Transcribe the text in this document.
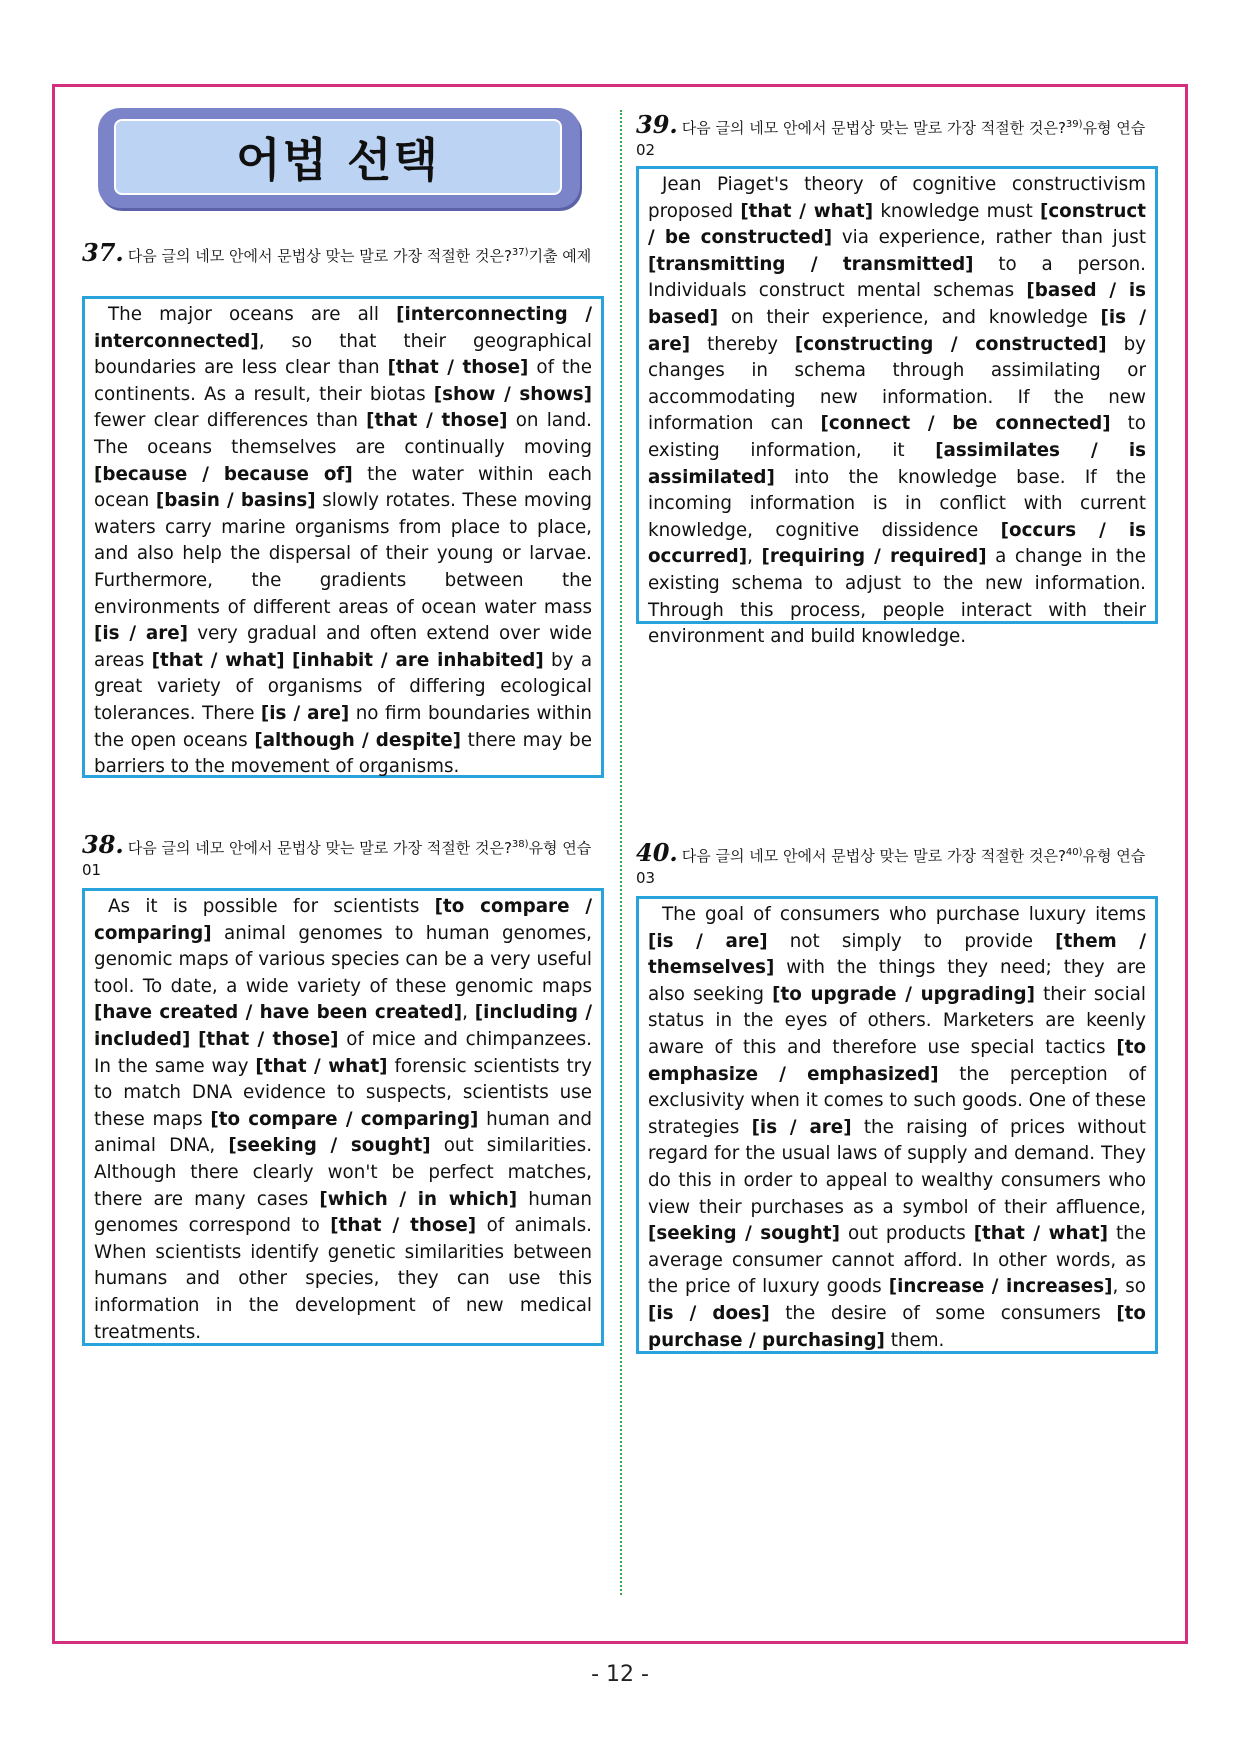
어법 선택
37. 다음 글의 네모 안에서 문법상 맞는 말로 가장 적절한 것은?$^{37)}$기출 예제
The major oceans are all [interconnecting / interconnected], so that their geographical boundaries are less clear than [that / those] of the continents. As a result, their biotas [show / shows] fewer clear differences than [that / those] on land. The oceans themselves are continually moving [because / because of] the water within each ocean [basin / basins] slowly rotates. These moving waters carry marine organisms from place to place, and also help the dispersal of their young or larvae. Furthermore, the gradients between the environments of different areas of ocean water mass [is / are] very gradual and often extend over wide areas [that / what] [inhabit / are inhabited] by a great variety of organisms of differing ecological tolerances. There [is / are] no firm boundaries within the open oceans [although / despite] there may be barriers to the movement of organisms.
38. 다음 글의 네모 안에서 문법상 맞는 말로 가장 적절한 것은?$^{38)}$유형 연습 01
As it is possible for scientists [to compare / comparing] animal genomes to human genomes, genomic maps of various species can be a very useful tool. To date, a wide variety of these genomic maps [have created / have been created], [including / included] [that / those] of mice and chimpanzees. In the same way [that / what] forensic scientists try to match DNA evidence to suspects, scientists use these maps [to compare / comparing] human and animal DNA, [seeking / sought] out similarities. Although there clearly won't be perfect matches, there are many cases [which / in which] human genomes correspond to [that / those] of animals. When scientists identify genetic similarities between humans and other species, they can use this information in the development of new medical treatments.
39. 다음 글의 네모 안에서 문법상 맞는 말로 가장 적절한 것은?$^{39)}$유형 연습 02
Jean Piaget's theory of cognitive constructivism proposed [that / what] knowledge must [construct / be constructed] via experience, rather than just [transmitting / transmitted] to a person. Individuals construct mental schemas [based / is based] on their experience, and knowledge [is / are] thereby [constructing / constructed] by changes in schema through assimilating or accommodating new information. If the new information can [connect / be connected] to existing information, it [assimilates / is assimilated] into the knowledge base. If the incoming information is in conflict with current knowledge, cognitive dissidence [occurs / is occurred], [requiring / required] a change in the existing schema to adjust to the new information. Through this process, people interact with their environment and build knowledge.
40. 다음 글의 네모 안에서 문법상 맞는 말로 가장 적절한 것은?$^{40)}$유형 연습 03
The goal of consumers who purchase luxury items [is / are] not simply to provide [them / themselves] with the things they need; they are also seeking [to upgrade / upgrading] their social status in the eyes of others. Marketers are keenly aware of this and therefore use special tactics [to emphasize / emphasized] the perception of exclusivity when it comes to such goods. One of these strategies [is / are] the raising of prices without regard for the usual laws of supply and demand. They do this in order to appeal to wealthy consumers who view their purchases as a symbol of their affluence, [seeking / sought] out products [that / what] the average consumer cannot afford. In other words, as the price of luxury goods [increase / increases], so [is / does] the desire of some consumers [to purchase / purchasing] them.
- 12 -
